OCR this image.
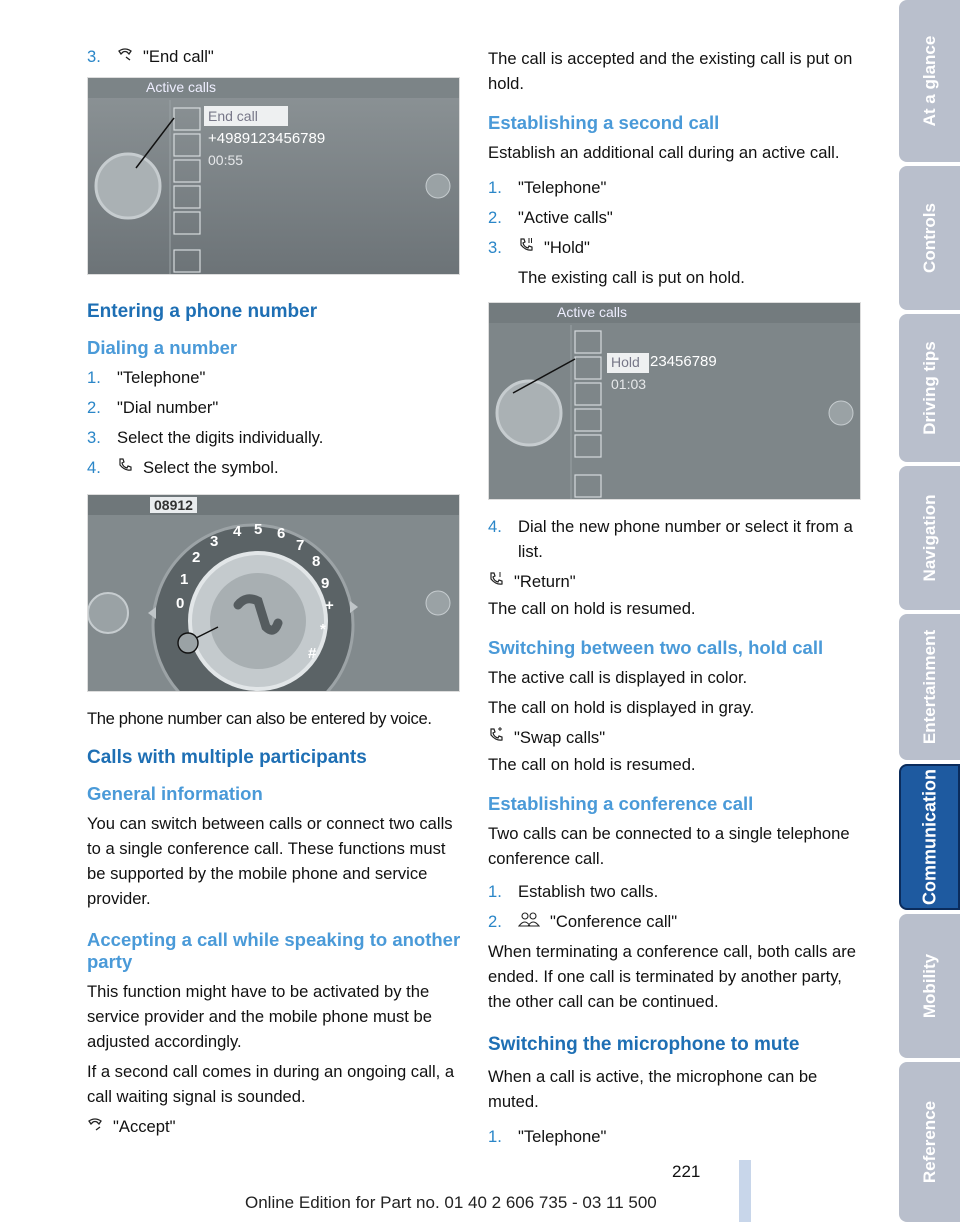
3.	"End call"
Active calls
End call
+4989123456789
00:55
Entering a phone number
Dialing a number
1. "Telephone"
2. "Dial number"
3. Select the digits individually.
4.	Select the symbol.
08912
0
1
2
3
4 5 6
7
8
9
+
*
#

The phone number can also be entered by voice.

Calls with multiple participants
General information

You can switch between calls or connect two calls to a single conference call. These functions must be supported by the mobile phone and service provider.

Accepting a call while speaking to another party

This function might have to be activated by the service provider and the mobile phone must be adjusted accordingly.

If a second call comes in during an ongoing call, a call waiting signal is sounded.

"Accept"

The call is accepted and the existing call is put on hold.

Establishing a second call

Establish an additional call during an active call.

1. "Telephone"
2. "Active calls"
3.	"Hold"

The existing call is put on hold.

Active calls
Hold 23456789
01:03
4. Dial the new phone number or select it from a list.
"Return"

The call on hold is resumed.

Switching between two calls, hold call

The active call is displayed in color.

The call on hold is displayed in gray.

"Swap calls"

The call on hold is resumed.

Establishing a conference call

Two calls can be connected to a single telephone conference call.

1. Establish two calls.
2.	"Conference call"

When terminating a conference call, both calls are ended. If one call is terminated by another party, the other call can be continued.

Switching the microphone to mute

When a call is active, the microphone can be muted.

1. "Telephone"
At a glance
Controls
Driving tips
Navigation
Entertainment
Communication
Mobility
Reference
221
Online Edition for Part no. 01 40 2 606 735 - 03 11 500
